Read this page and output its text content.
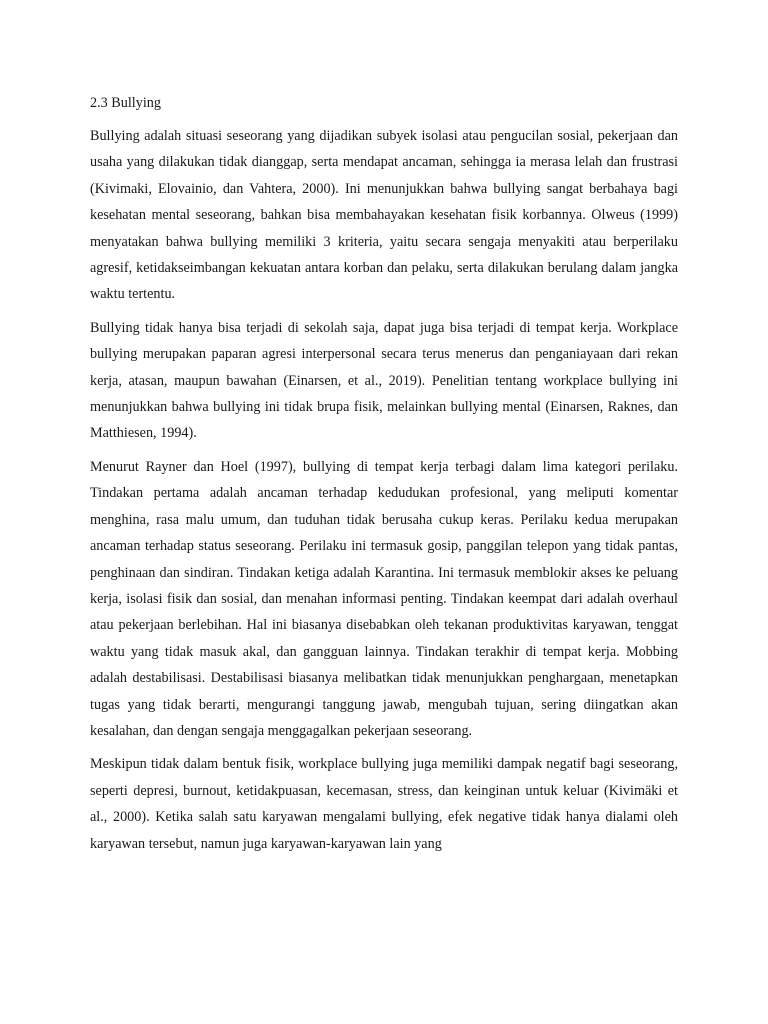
2.3 Bullying

Bullying adalah situasi seseorang yang dijadikan subyek isolasi atau pengucilan sosial, pekerjaan dan usaha yang dilakukan tidak dianggap, serta mendapat ancaman, sehingga ia merasa lelah dan frustrasi (Kivimaki, Elovainio, dan Vahtera, 2000). Ini menunjukkan bahwa bullying sangat berbahaya bagi kesehatan mental seseorang, bahkan bisa membahayakan kesehatan fisik korbannya. Olweus (1999) menyatakan bahwa bullying memiliki 3 kriteria, yaitu secara sengaja menyakiti atau berperilaku agresif, ketidakseimbangan kekuatan antara korban dan pelaku, serta dilakukan berulang dalam jangka waktu tertentu.

Bullying tidak hanya bisa terjadi di sekolah saja, dapat juga bisa terjadi di tempat kerja. Workplace bullying merupakan paparan agresi interpersonal secara terus menerus dan penganiayaan dari rekan kerja, atasan, maupun bawahan (Einarsen, et al., 2019). Penelitian tentang workplace bullying ini menunjukkan bahwa bullying ini tidak brupa fisik, melainkan bullying mental (Einarsen, Raknes, dan Matthiesen, 1994).

Menurut Rayner dan Hoel (1997), bullying di tempat kerja terbagi dalam lima kategori perilaku. Tindakan pertama adalah ancaman terhadap kedudukan profesional, yang meliputi komentar menghina, rasa malu umum, dan tuduhan tidak berusaha cukup keras. Perilaku kedua merupakan ancaman terhadap status seseorang. Perilaku ini termasuk gosip, panggilan telepon yang tidak pantas, penghinaan dan sindiran. Tindakan ketiga adalah Karantina. Ini termasuk memblokir akses ke peluang kerja, isolasi fisik dan sosial, dan menahan informasi penting. Tindakan keempat dari adalah overhaul atau pekerjaan berlebihan. Hal ini biasanya disebabkan oleh tekanan produktivitas karyawan, tenggat waktu yang tidak masuk akal, dan gangguan lainnya. Tindakan terakhir di tempat kerja. Mobbing adalah destabilisasi. Destabilisasi biasanya melibatkan tidak menunjukkan penghargaan, menetapkan tugas yang tidak berarti, mengurangi tanggung jawab, mengubah tujuan, sering diingatkan akan kesalahan, dan dengan sengaja menggagalkan pekerjaan seseorang.

Meskipun tidak dalam bentuk fisik, workplace bullying juga memiliki dampak negatif bagi seseorang, seperti depresi, burnout, ketidakpuasan, kecemasan, stress, dan keinginan untuk keluar (Kivimäki et al., 2000). Ketika salah satu karyawan mengalami bullying, efek negative tidak hanya dialami oleh karyawan tersebut, namun juga karyawan-karyawan lain yang
